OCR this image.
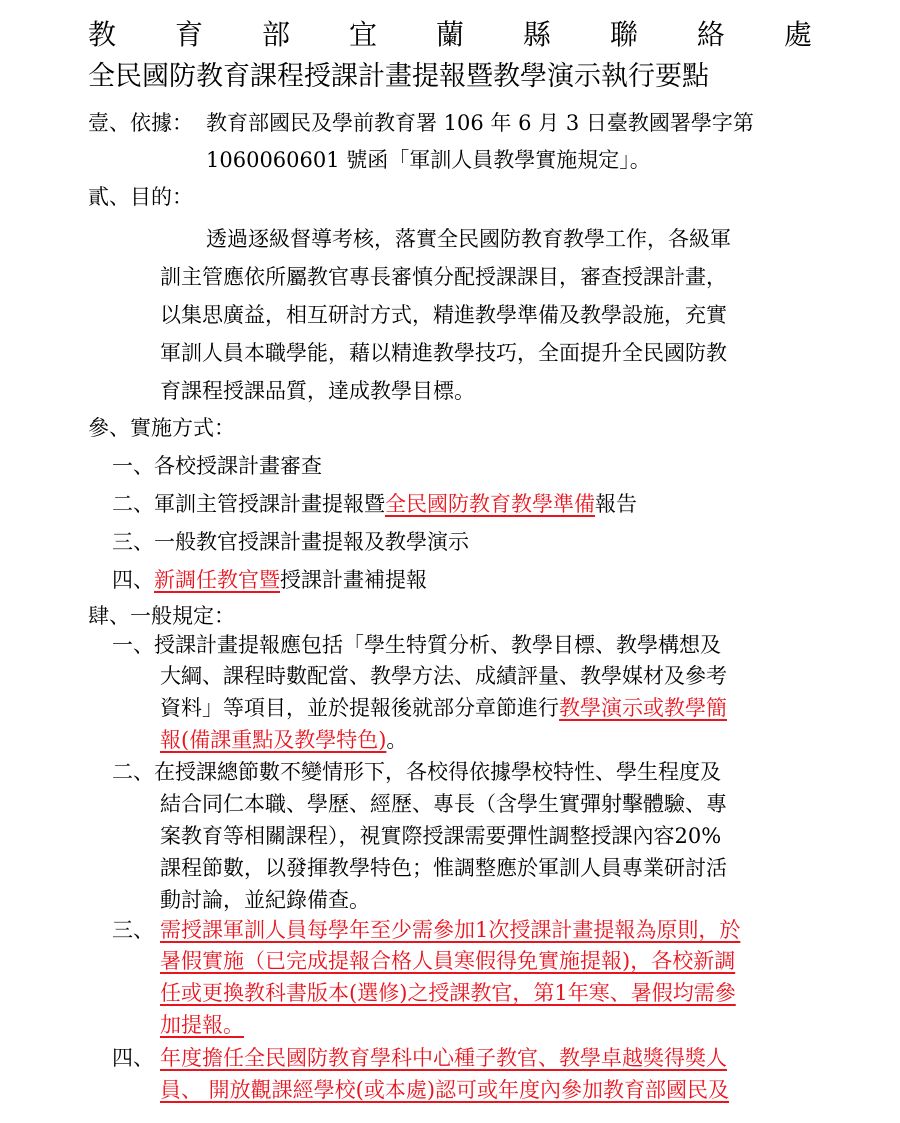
教 育 部 宜 蘭 縣 聯 絡 處
全民國防教育課程授課計畫提報暨教學演示執行要點
壹、依據： 教育部國民及學前教育署 106 年 6 月 3 日臺教國署學字第
1060060601 號函「軍訓人員教學實施規定」。
貳、目的：
透過逐級督導考核，落實全民國防教育教學工作，各級軍
訓主管應依所屬教官專長審慎分配授課課目，審查授課計畫，
以集思廣益，相互研討方式，精進教學準備及教學設施，充實
軍訓人員本職學能，藉以精進教學技巧，全面提升全民國防教
育課程授課品質，達成教學目標。
參、實施方式：
一、各校授課計畫審查
二、軍訓主管授課計畫提報暨全民國防教育教學準備報告
三、一般教官授課計畫提報及教學演示
四、新調任教官暨授課計畫補提報
肆、一般規定：
一、授課計畫提報應包括「學生特質分析、教學目標、教學構想及
大綱、課程時數配當、教學方法、成績評量、教學媒材及參考
資料」等項目，並於提報後就部分章節進行教學演示或教學簡
報(備課重點及教學特色)。
二、在授課總節數不變情形下，各校得依據學校特性、學生程度及
結合同仁本職、學歷、經歷、專長（含學生實彈射擊體驗、專
案教育等相關課程），視實際授課需要彈性調整授課內容20%
課程節數，以發揮教學特色；惟調整應於軍訓人員專業研討活
動討論，並紀錄備查。
三、 需授課軍訓人員每學年至少需參加1次授課計畫提報為原則，於
暑假實施（已完成提報合格人員寒假得免實施提報)，各校新調
任或更換教科書版本(選修)之授課教官，第1年寒、暑假均需參
加提報。
四、 年度擔任全民國防教育學科中心種子教官、教學卓越獎得獎人
員、 開放觀課經學校(或本處)認可或年度內參加教育部國民及
